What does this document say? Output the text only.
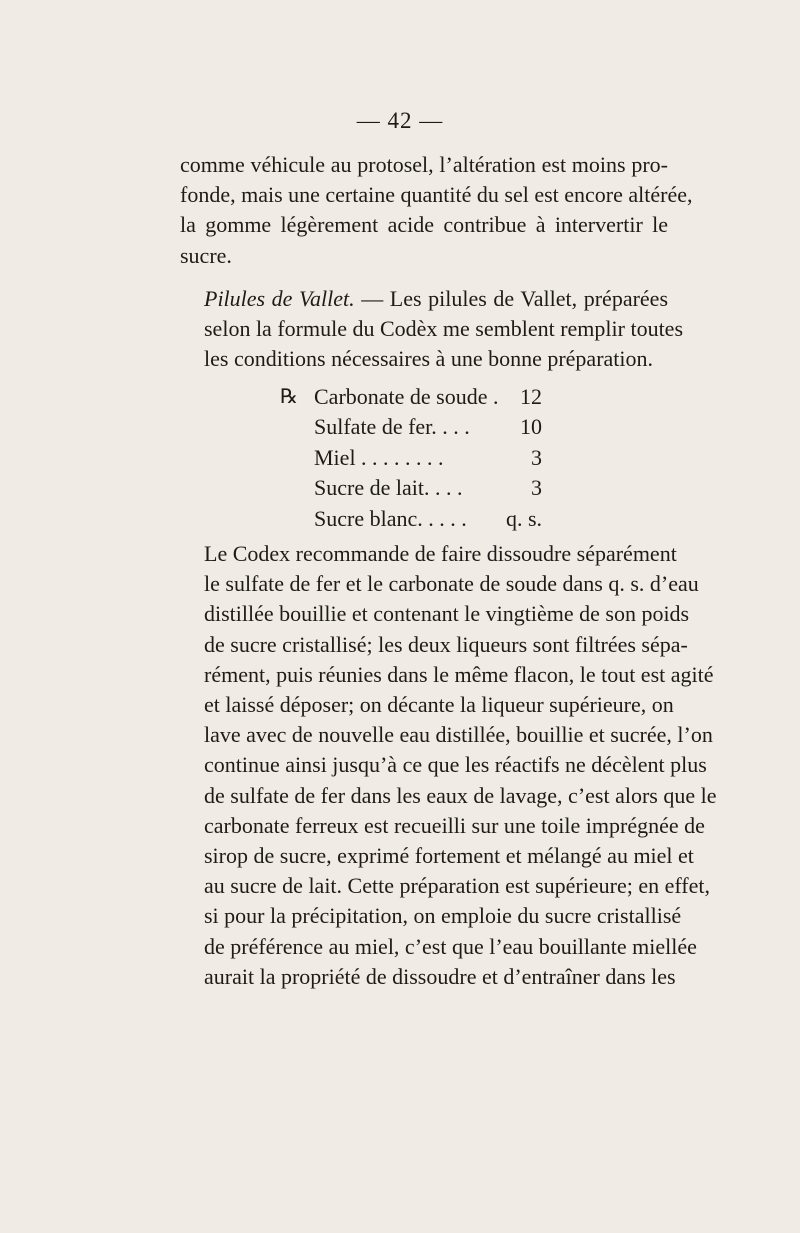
— 42 —
comme véhicule au protosel, l’altération est moins pro-
fonde, mais une certaine quantité du sel est encore altérée,
la gomme légèrement acide contribue à intervertir le
sucre.
Pilules de Vallet. — Les pilules de Vallet, préparées
selon la formule du Codèx me semblent remplir toutes
les conditions nécessaires à une bonne préparation.
℞ Carbonate de soude . 12
Sulfate de fer. . . . 10
Miel . . . . . . . .	3
Sucre de lait. . . .	3
Sucre blanc. . . . . q. s.
Le Codex recommande de faire dissoudre séparément
le sulfate de fer et le carbonate de soude dans q. s. d’eau
distillée bouillie et contenant le vingtième de son poids
de sucre cristallisé; les deux liqueurs sont filtrées sépa-
rément, puis réunies dans le même flacon, le tout est agité
et laissé déposer; on décante la liqueur supérieure, on
lave avec de nouvelle eau distillée, bouillie et sucrée, l’on
continue ainsi jusqu’à ce que les réactifs ne décèlent plus
de sulfate de fer dans les eaux de lavage, c’est alors que le
carbonate ferreux est recueilli sur une toile imprégnée de
sirop de sucre, exprimé fortement et mélangé au miel et
au sucre de lait. Cette préparation est supérieure; en effet,
si pour la précipitation, on emploie du sucre cristallisé
de préférence au miel, c’est que l’eau bouillante miellée
aurait la propriété de dissoudre et d’entraîner dans les
